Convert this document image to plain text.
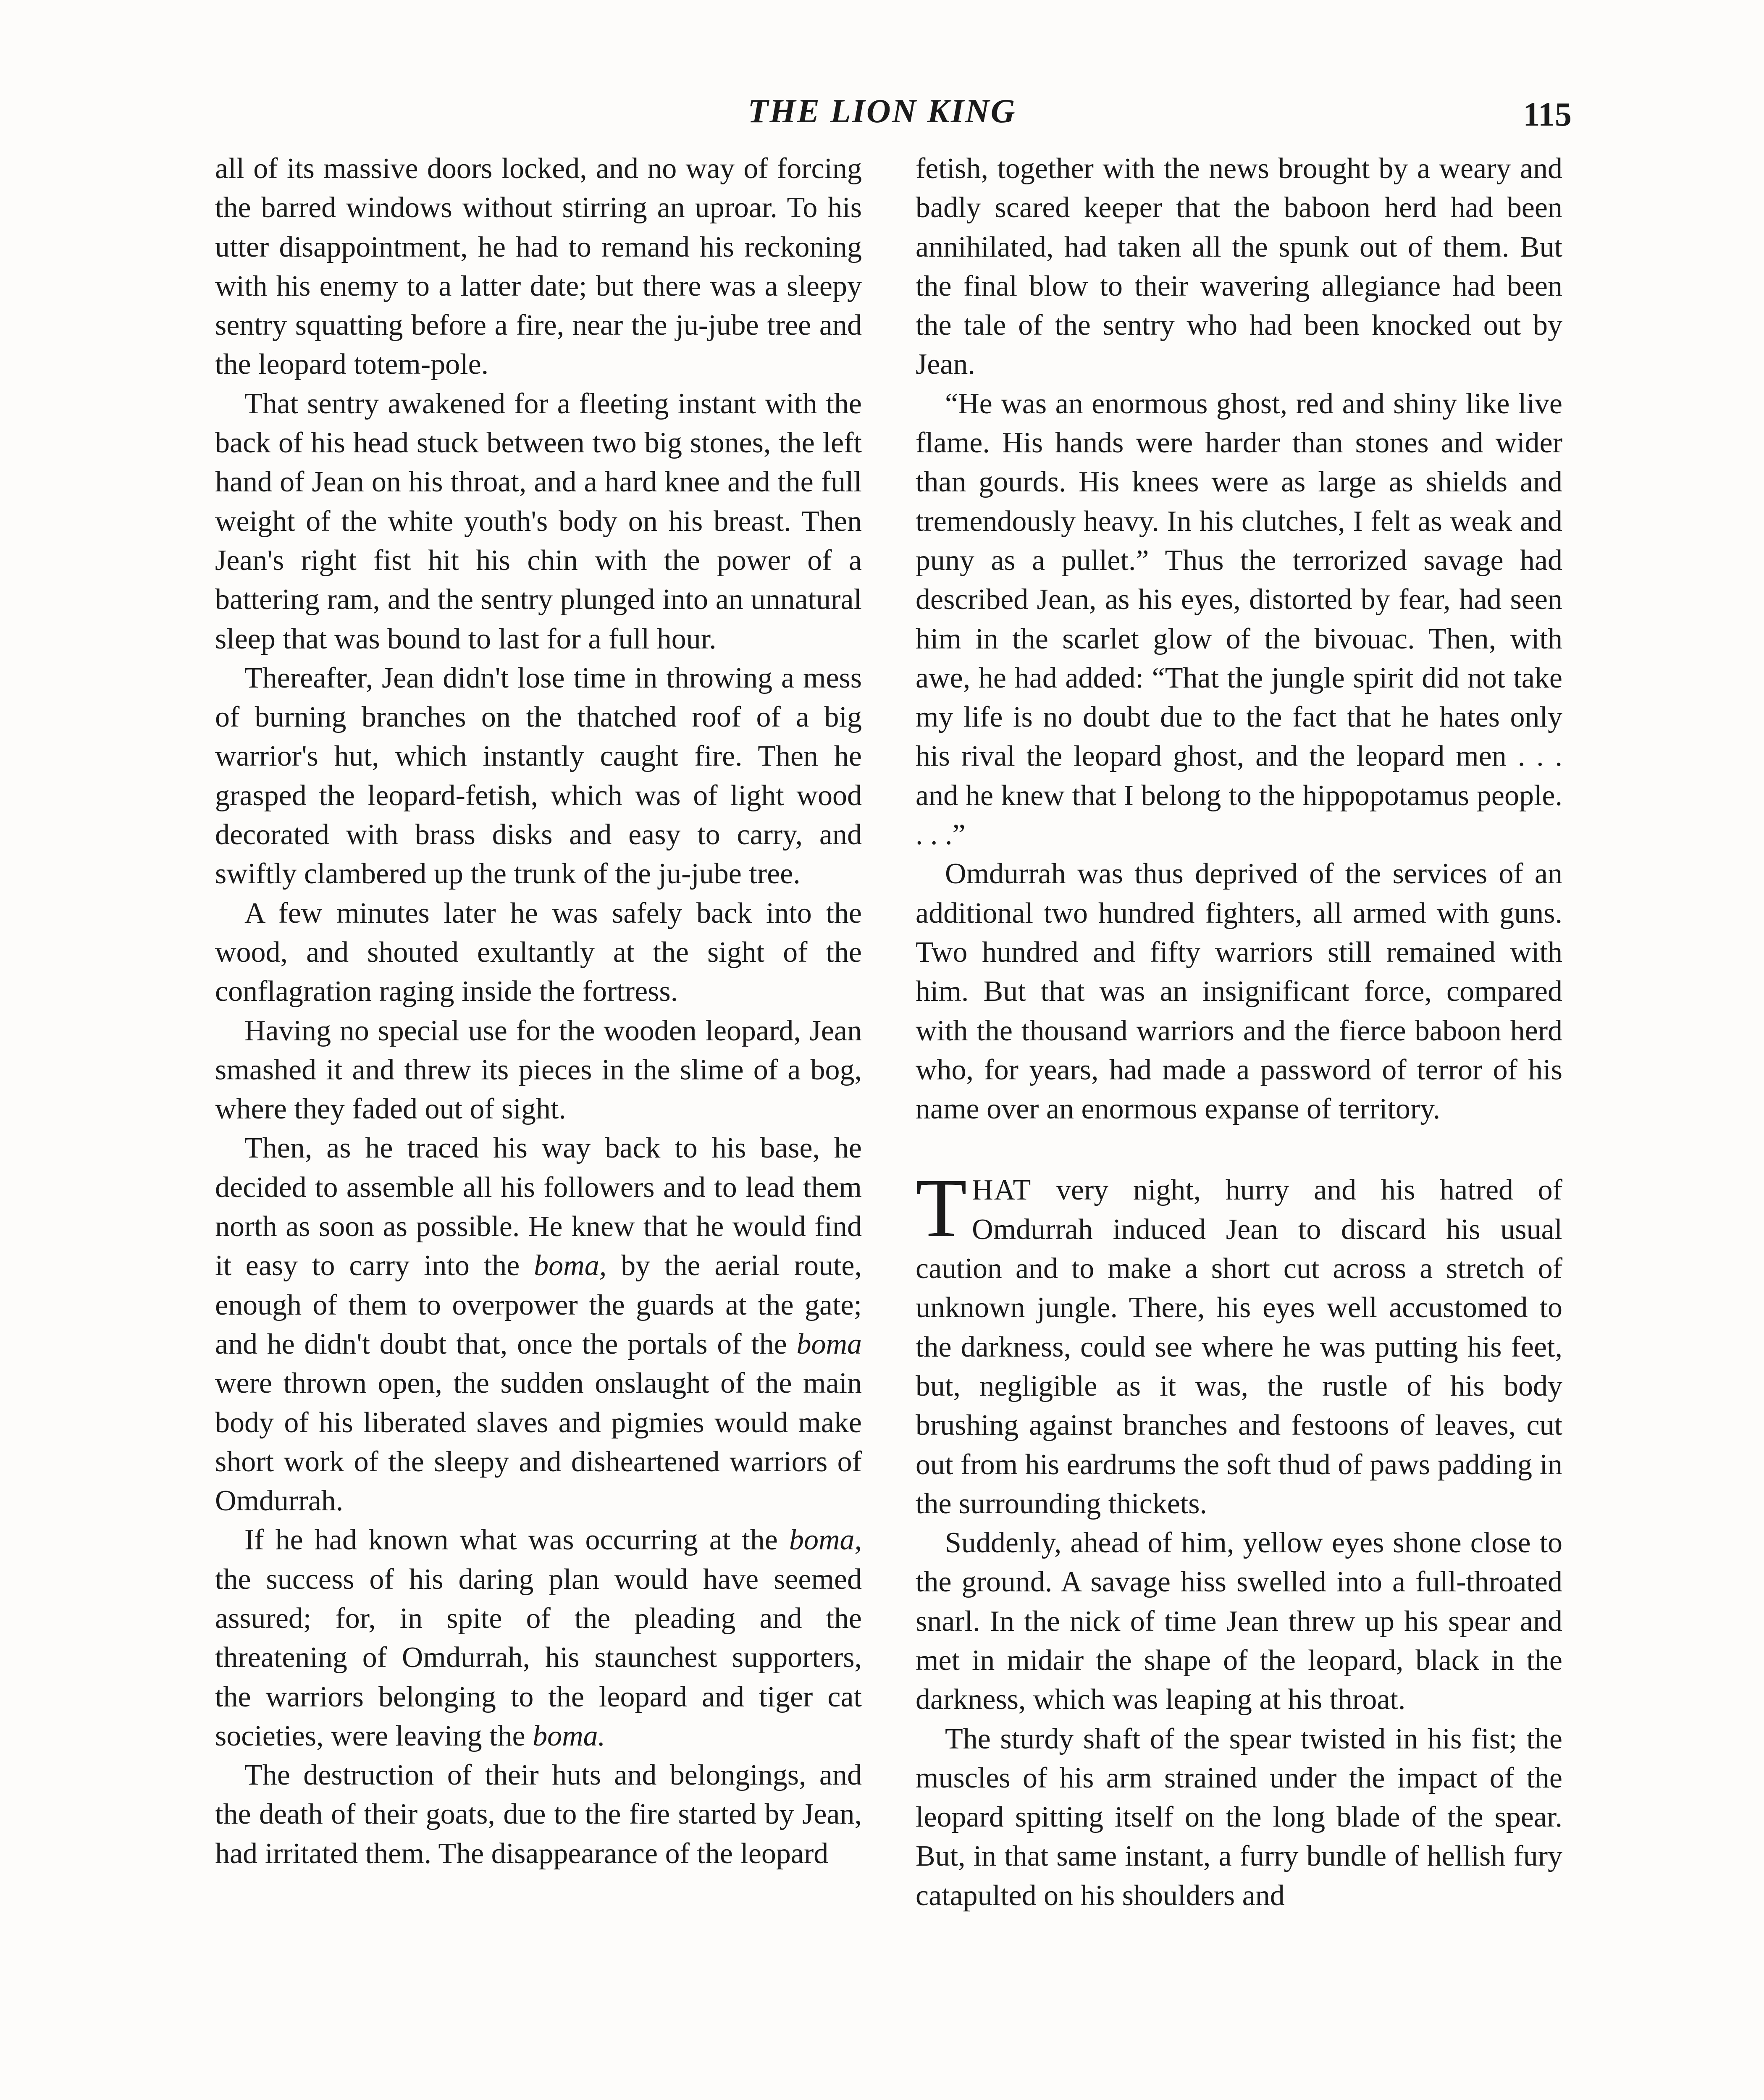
THE LION KING	115

all of its massive doors locked, and no way of forcing the barred windows without stirring an uproar. To his utter disappointment, he had to remand his reckoning with his enemy to a latter date; but there was a sleepy sentry squatting before a fire, near the ju-jube tree and the leopard totem-pole.

That sentry awakened for a fleeting instant with the back of his head stuck between two big stones, the left hand of Jean on his throat, and a hard knee and the full weight of the white youth's body on his breast. Then Jean's right fist hit his chin with the power of a battering ram, and the sentry plunged into an unnatural sleep that was bound to last for a full hour.

Thereafter, Jean didn't lose time in throwing a mess of burning branches on the thatched roof of a big warrior's hut, which instantly caught fire. Then he grasped the leopard-fetish, which was of light wood decorated with brass disks and easy to carry, and swiftly clambered up the trunk of the ju-jube tree.

A few minutes later he was safely back into the wood, and shouted exultantly at the sight of the conflagration raging inside the fortress.

Having no special use for the wooden leopard, Jean smashed it and threw its pieces in the slime of a bog, where they faded out of sight.

Then, as he traced his way back to his base, he decided to assemble all his followers and to lead them north as soon as possible. He knew that he would find it easy to carry into the boma, by the aerial route, enough of them to overpower the guards at the gate; and he didn't doubt that, once the portals of the boma were thrown open, the sudden onslaught of the main body of his liberated slaves and pigmies would make short work of the sleepy and disheartened warriors of Omdurrah.

If he had known what was occurring at the boma, the success of his daring plan would have seemed assured; for, in spite of the pleading and the threatening of Omdurrah, his staunchest supporters, the warriors belonging to the leopard and tiger cat societies, were leaving the boma.

The destruction of their huts and belongings, and the death of their goats, due to the fire started by Jean, had irritated them. The disappearance of the leopard

fetish, together with the news brought by a weary and badly scared keeper that the baboon herd had been annihilated, had taken all the spunk out of them. But the final blow to their wavering allegiance had been the tale of the sentry who had been knocked out by Jean.

“He was an enormous ghost, red and shiny like live flame. His hands were harder than stones and wider than gourds. His knees were as large as shields and tremendously heavy. In his clutches, I felt as weak and puny as a pullet.” Thus the terrorized savage had described Jean, as his eyes, distorted by fear, had seen him in the scarlet glow of the bivouac. Then, with awe, he had added: “That the jungle spirit did not take my life is no doubt due to the fact that he hates only his rival the leopard ghost, and the leopard men . . . and he knew that I belong to the hippopotamus people. . . .”

Omdurrah was thus deprived of the services of an additional two hundred fighters, all armed with guns. Two hundred and fifty warriors still remained with him. But that was an insignificant force, compared with the thousand warriors and the fierce baboon herd who, for years, had made a password of terror of his name over an enormous expanse of territory.

THAT very night, hurry and his hatred of Omdurrah induced Jean to discard his usual caution and to make a short cut across a stretch of unknown jungle. There, his eyes well accustomed to the darkness, could see where he was putting his feet, but, negligible as it was, the rustle of his body brushing against branches and festoons of leaves, cut out from his eardrums the soft thud of paws padding in the surrounding thickets.

Suddenly, ahead of him, yellow eyes shone close to the ground. A savage hiss swelled into a full-throated snarl. In the nick of time Jean threw up his spear and met in midair the shape of the leopard, black in the darkness, which was leaping at his throat.

The sturdy shaft of the spear twisted in his fist; the muscles of his arm strained under the impact of the leopard spitting itself on the long blade of the spear. But, in that same instant, a furry bundle of hellish fury catapulted on his shoulders and
